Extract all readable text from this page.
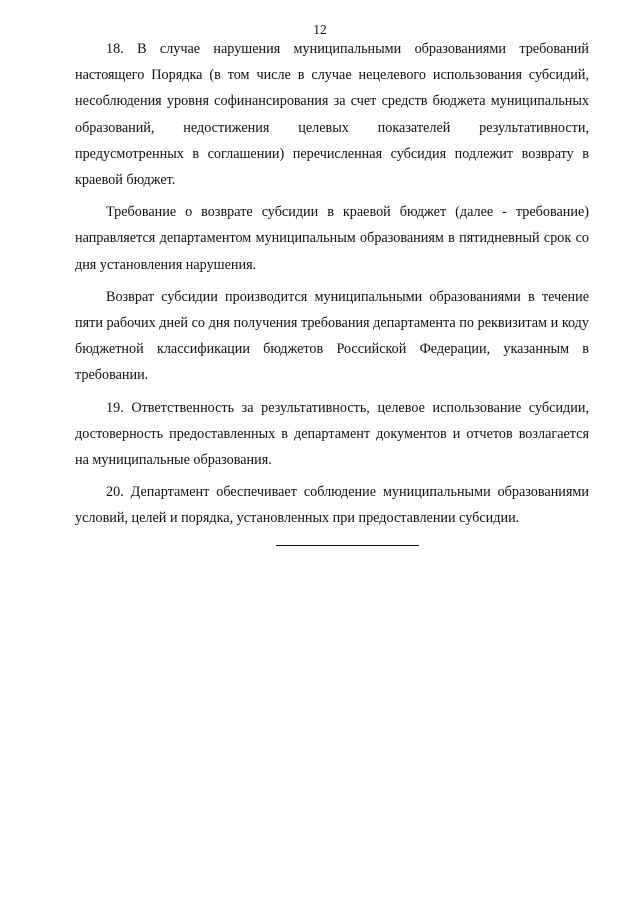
12

18. В случае нарушения муниципальными образованиями требований настоящего Порядка (в том числе в случае нецелевого использования субсидий, несоблюдения уровня софинансирования за счет средств бюджета муниципальных образований, недостижения целевых показателей результативности, предусмотренных в соглашении) перечисленная субсидия подлежит возврату в краевой бюджет.

Требование о возврате субсидии в краевой бюджет (далее - требование) направляется департаментом муниципальным образованиям в пятидневный срок со дня установления нарушения.

Возврат субсидии производится муниципальными образованиями в течение пяти рабочих дней со дня получения требования департамента по реквизитам и коду бюджетной классификации бюджетов Российской Федерации, указанным в требовании.

19. Ответственность за результативность, целевое использование субсидии, достоверность предоставленных в департамент документов и отчетов возлагается на муниципальные образования.

20. Департамент обеспечивает соблюдение муниципальными образованиями условий, целей и порядка, установленных при предоставлении субсидии.
